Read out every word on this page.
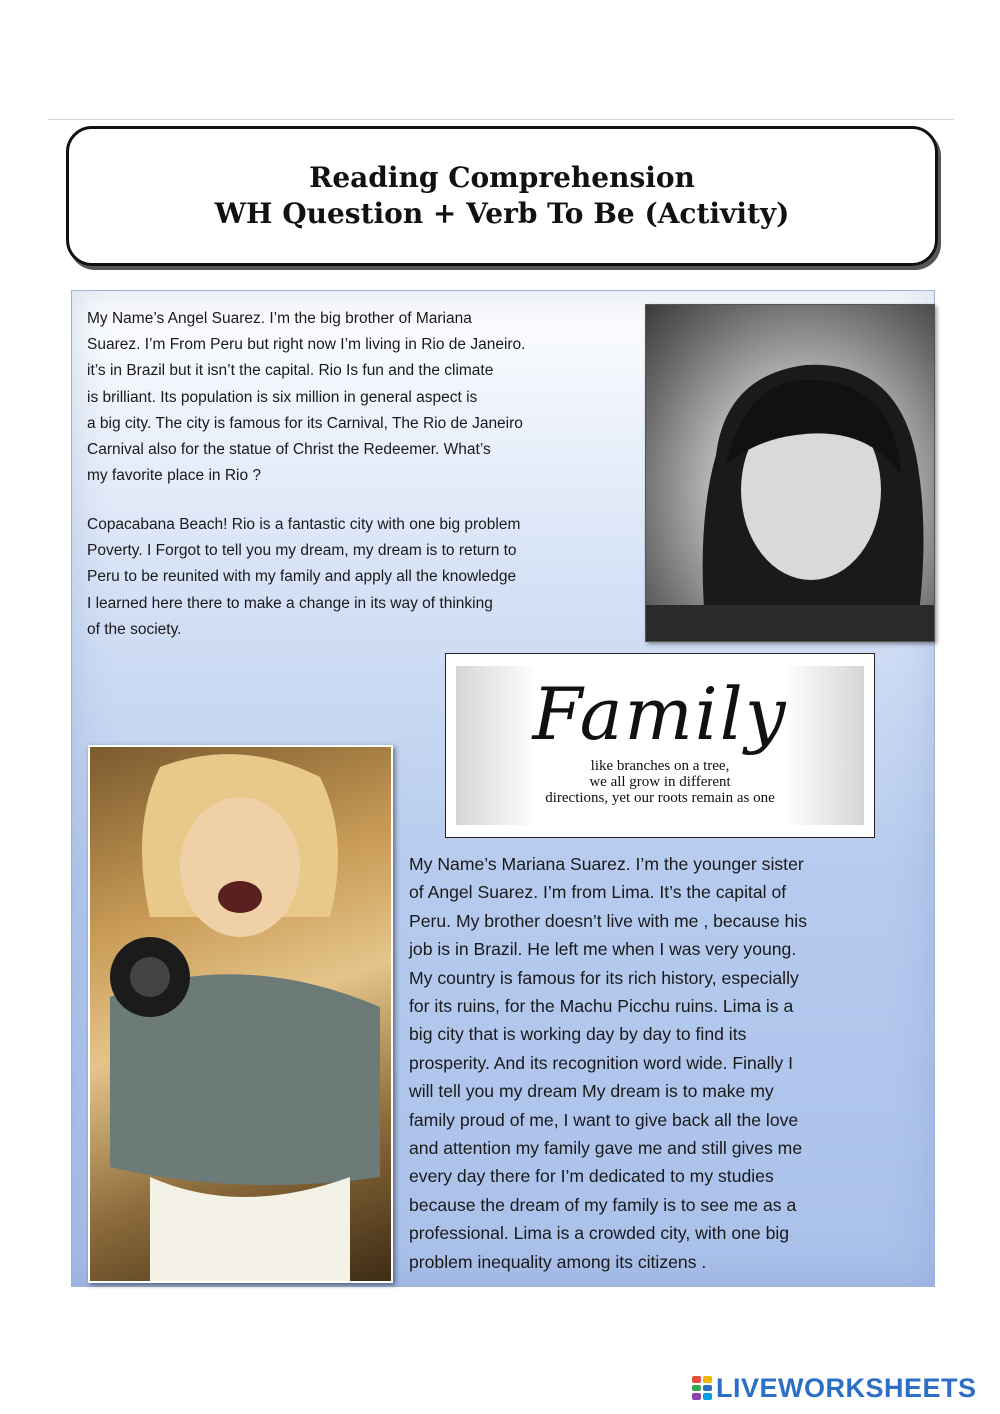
Reading Comprehension
WH Question + Verb To Be (Activity)
My Name’s Angel Suarez. I’m the big brother of Mariana
Suarez. I’m From Peru but right now I’m living in Rio de Janeiro.
it’s in Brazil but it isn’t the capital. Rio Is fun and the climate
is brilliant. Its population is six million in general aspect is
a big city. The city is famous for its Carnival, The Rio de Janeiro
Carnival also for the statue of Christ the Redeemer. What’s
my favorite place in Rio ?
Copacabana Beach! Rio is a fantastic city with one big problem
Poverty. I Forgot to tell you my dream, my dream is to return to
Peru to be reunited with my family and apply all the knowledge
I learned here there to make a change in its way of thinking
of the society.
Family
like branches on a tree,
we all grow in different
directions, yet our roots remain as one
My Name’s Mariana Suarez. I’m the younger sister
of Angel Suarez. I’m from Lima. It’s the capital of
Peru. My brother doesn’t live with me , because his
job is in Brazil. He left me when I was very young.
My country is famous for its rich history, especially
for its ruins, for the Machu Picchu ruins. Lima is a
big city that is working day by day to find its
prosperity. And its recognition word wide. Finally I
will tell you my dream My dream is to make my
family proud of me, I want to give back all the love
and attention my family gave me and still gives me
every day there for I’m dedicated to my studies
because the dream of my family is to see me as a
professional. Lima is a crowded city, with one big
problem inequality among its citizens .
LIVEWORKSHEETS
